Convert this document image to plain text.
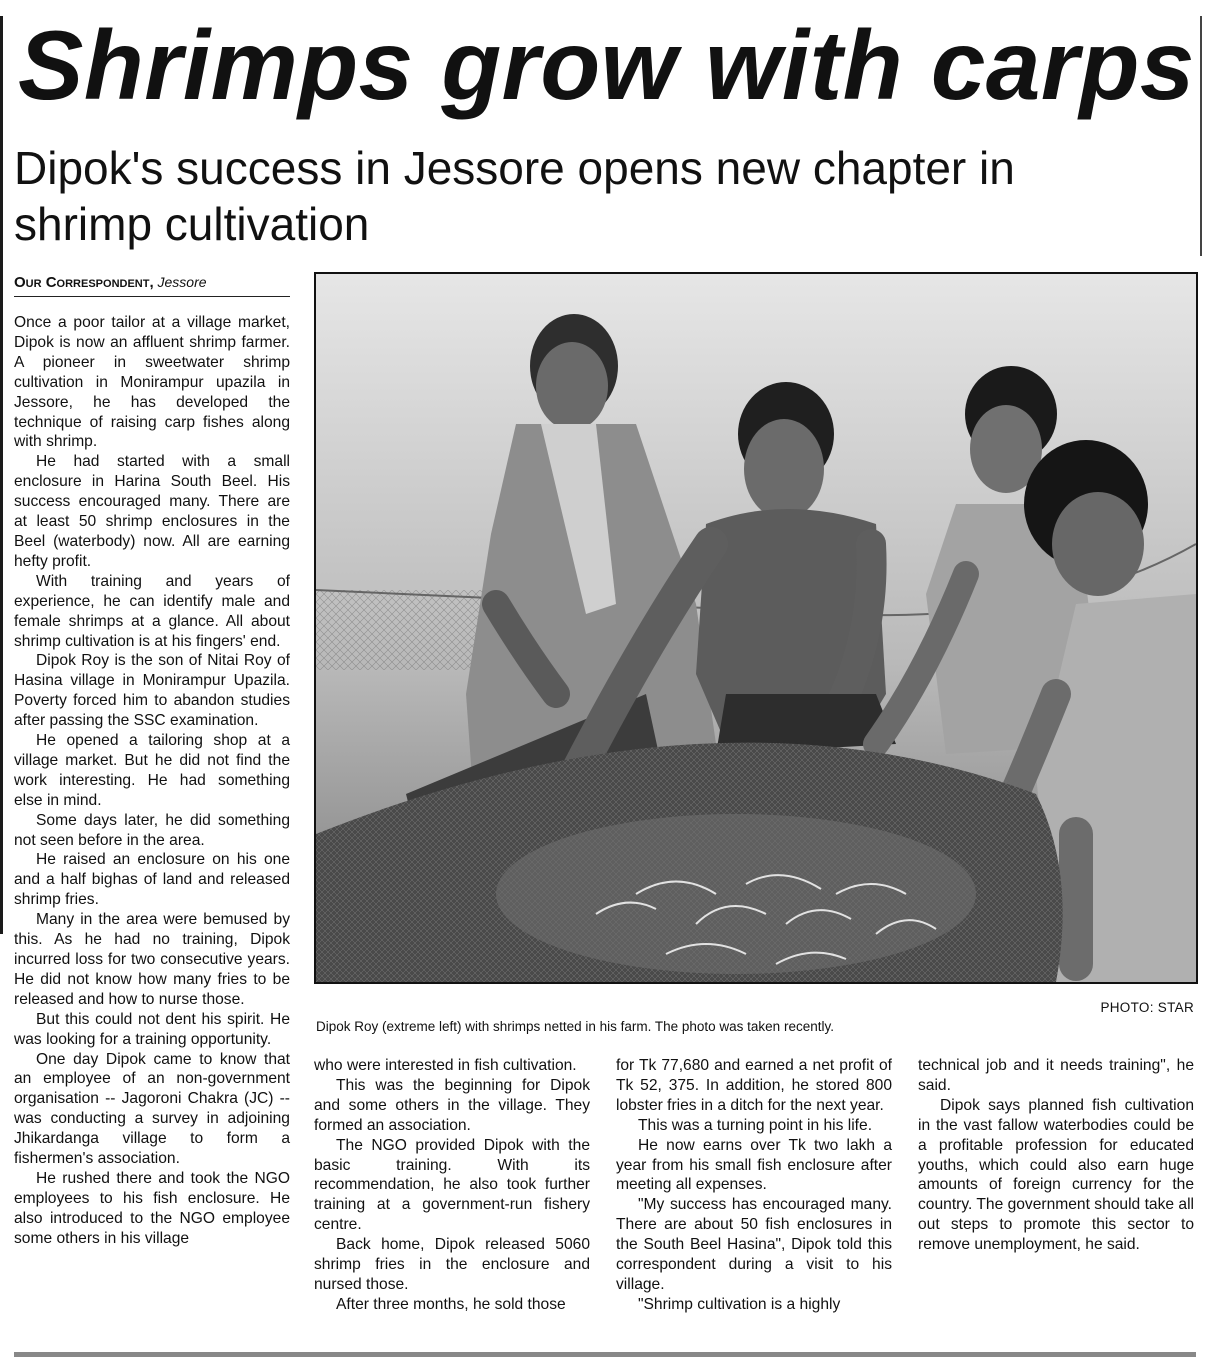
Shrimps grow with carps
Dipok's success in Jessore opens new chapter in shrimp cultivation
Our Correspondent, Jessore

Once a poor tailor at a village market, Dipok is now an affluent shrimp farmer. A pioneer in sweetwater shrimp cultivation in Monirampur upazila in Jessore, he has developed the technique of raising carp fishes along with shrimp.

He had started with a small enclosure in Harina South Beel. His success encouraged many. There are at least 50 shrimp enclosures in the Beel (waterbody) now. All are earning hefty profit.

With training and years of experience, he can identify male and female shrimps at a glance. All about shrimp cultivation is at his fingers' end.

Dipok Roy is the son of Nitai Roy of Hasina village in Monirampur Upazila. Poverty forced him to abandon studies after passing the SSC examination.

He opened a tailoring shop at a village market. But he did not find the work interesting. He had something else in mind.

Some days later, he did something not seen before in the area.

He raised an enclosure on his one and a half bighas of land and released shrimp fries.

Many in the area were bemused by this. As he had no training, Dipok incurred loss for two consecutive years. He did not know how many fries to be released and how to nurse those.

But this could not dent his spirit. He was looking for a training opportunity.

One day Dipok came to know that an employee of an non-government organisation -- Jagoroni Chakra (JC) --was conducting a survey in adjoining Jhikardanga village to form a fishermen's association.

He rushed there and took the NGO employees to his fish enclosure. He also introduced to the NGO employee some others in his village

PHOTO: STAR
Dipok Roy (extreme left) with shrimps netted in his farm. The photo was taken recently.

who were interested in fish cultivation.

This was the beginning for Dipok and some others in the village. They formed an association.

The NGO provided Dipok with the basic training. With its recommendation, he also took further training at a government-run fishery centre.

Back home, Dipok released 5060 shrimp fries in the enclosure and nursed those.

After three months, he sold those

for Tk 77,680 and earned a net profit of Tk 52, 375. In addition, he stored 800 lobster fries in a ditch for the next year.

This was a turning point in his life.

He now earns over Tk two lakh a year from his small fish enclosure after meeting all expenses.

"My success has encouraged many. There are about 50 fish enclosures in the South Beel Hasina", Dipok told this correspondent during a visit to his village.

"Shrimp cultivation is a highly

technical job and it needs training", he said.

Dipok says planned fish cultivation in the vast fallow waterbodies could be a profitable profession for educated youths, which could also earn huge amounts of foreign currency for the country. The government should take all out steps to promote this sector to remove unemployment, he said.
